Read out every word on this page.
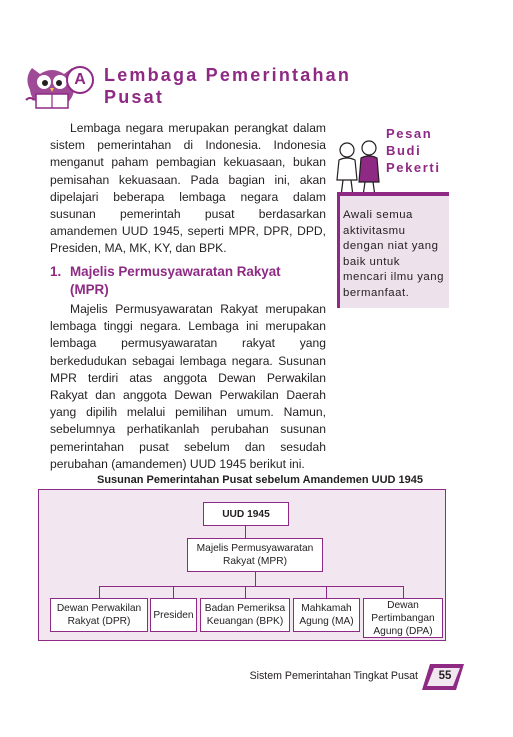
A	Lembaga Pemerintahan
Pusat

Lembaga negara merupakan perangkat dalam sistem pemerintahan di Indonesia. Indonesia menganut paham pembagian kekuasaan, bukan pemisahan kekuasaan. Pada bagian ini, akan dipelajari beberapa lembaga negara dalam susunan pemerintah pusat berdasarkan amandemen UUD 1945, seperti MPR, DPR, DPD, Presiden, MA, MK, KY, dan BPK.

1. Majelis Permusyawaratan Rakyat
(MPR)

Majelis Permusyawaratan Rakyat merupakan lembaga tinggi negara. Lembaga ini merupakan lembaga permusyawaratan rakyat yang berkedudukan sebagai lembaga negara. Susunan MPR terdiri atas anggota Dewan Perwakilan Rakyat dan anggota Dewan Perwakilan Daerah yang dipilih melalui pemilihan umum. Namun, sebelumnya perhatikanlah perubahan susunan pemerintahan pusat sebelum dan sesudah perubahan (amandemen) UUD 1945 berikut ini.

Pesan
Budi
Pekerti
Awali semua aktivitasmu dengan niat yang baik untuk mencari ilmu yang bermanfaat.
Susunan Pemerintahan Pusat sebelum Amandemen UUD 1945
UUD 1945
Majelis Permusyawaratan
Rakyat (MPR)
Dewan Perwakilan
Rakyat (DPR)
Presiden
Badan Pemeriksa
Keuangan (BPK)
Mahkamah
Agung (MA)
Dewan
Pertimbangan
Agung (DPA)
Sistem Pemerintahan Tingkat Pusat	55
